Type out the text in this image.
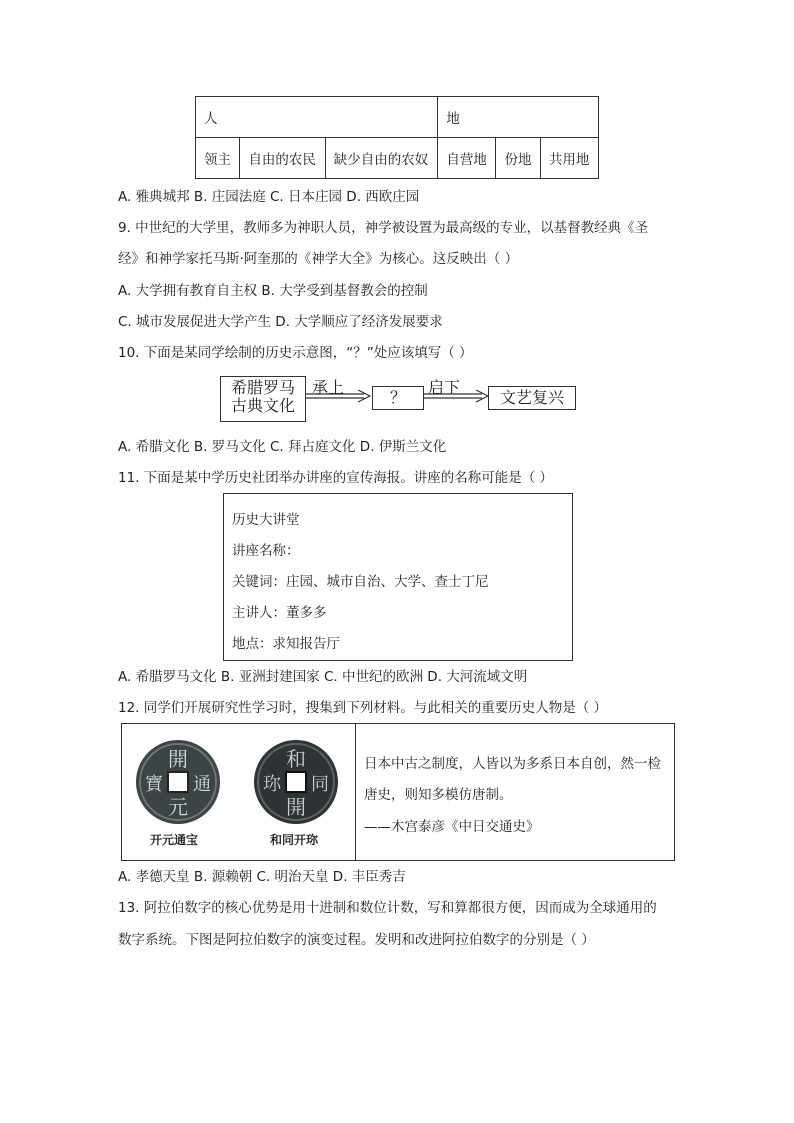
人			地		
领主	自由的农民	缺少自由的农奴	自营地	份地	共用地
A. 雅典城邦 B. 庄园法庭 C. 日本庄园 D. 西欧庄园
9. 中世纪的大学里，教师多为神职人员，神学被设置为最高级的专业，以基督教经典《圣
经》和神学家托马斯·阿奎那的《神学大全》为核心。这反映出（ ）
A. 大学拥有教育自主权 B. 大学受到基督教会的控制
C. 城市发展促进大学产生 D. 大学顺应了经济发展要求
10. 下面是某同学绘制的历史示意图，“？”处应该填写（ ）
希腊罗马
古典文化
承上
？
启下
文艺复兴
A. 希腊文化 B. 罗马文化 C. 拜占庭文化 D. 伊斯兰文化
11. 下面是某中学历史社团举办讲座的宣传海报。讲座的名称可能是（ ）
历史大讲堂
讲座名称：
关键词：庄园、城市自治、大学、查士丁尼
主讲人：董多多
地点：求知报告厅
A. 希腊罗马文化 B. 亚洲封建国家 C. 中世纪的欧洲 D. 大河流域文明
12. 同学们开展研究性学习时，搜集到下列材料。与此相关的重要历史人物是（ ）
開
寶
元
通
开元通宝
和
珎
開
同
和同开珎
日本中古之制度，人皆以为多系日本自创，然一检
唐史，则知多模仿唐制。
——木宫泰彦《中日交通史》
A. 孝德天皇 B. 源赖朝 C. 明治天皇 D. 丰臣秀吉
13. 阿拉伯数字的核心优势是用十进制和数位计数，写和算都很方便，因而成为全球通用的
数字系统。下图是阿拉伯数字的演变过程。发明和改进阿拉伯数字的分别是（ ）
